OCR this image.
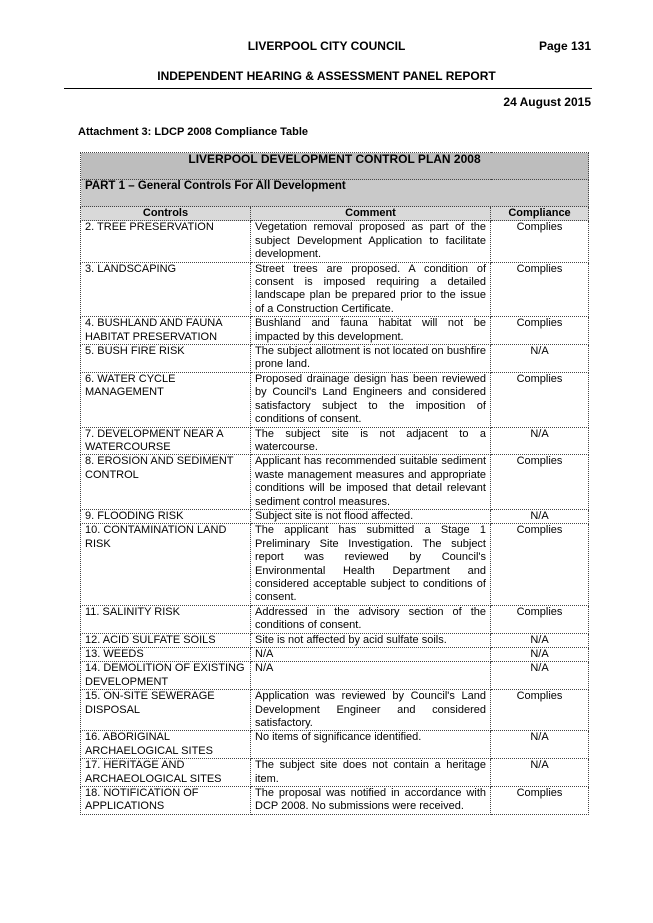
LIVERPOOL CITY COUNCIL	Page 131
INDEPENDENT HEARING & ASSESSMENT PANEL REPORT
24 August 2015
Attachment 3: LDCP 2008 Compliance Table
LIVERPOOL DEVELOPMENT CONTROL PLAN 2008		
PART 1 – General Controls For All Development		
Controls	Comment	Compliance
2. TREE PRESERVATION	Vegetation removal proposed as part of the subject Development Application to facilitate development.	Complies
3. LANDSCAPING	Street trees are proposed. A condition of consent is imposed requiring a detailed landscape plan be prepared prior to the issue of a Construction Certificate.	Complies
4. BUSHLAND AND FAUNA HABITAT PRESERVATION	Bushland and fauna habitat will not be impacted by this development.	Complies
5. BUSH FIRE RISK	The subject allotment is not located on bushfire prone land.	N/A
6. WATER CYCLE MANAGEMENT	Proposed drainage design has been reviewed by Council's Land Engineers and considered satisfactory subject to the imposition of conditions of consent.	Complies
7. DEVELOPMENT NEAR A WATERCOURSE	The subject site is not adjacent to a watercourse.	N/A
8. EROSION AND SEDIMENT CONTROL	Applicant has recommended suitable sediment waste management measures and appropriate conditions will be imposed that detail relevant sediment control measures.	Complies
9. FLOODING RISK	Subject site is not flood affected.	N/A
10. CONTAMINATION LAND RISK	The applicant has submitted a Stage 1 Preliminary Site Investigation. The subject report was reviewed by Council's Environmental Health Department and considered acceptable subject to conditions of consent.	Complies
11. SALINITY RISK	Addressed in the advisory section of the conditions of consent.	Complies
12. ACID SULFATE SOILS	Site is not affected by acid sulfate soils.	N/A
13. WEEDS	N/A	N/A
14. DEMOLITION OF EXISTING DEVELOPMENT	N/A	N/A
15. ON-SITE SEWERAGE DISPOSAL	Application was reviewed by Council's Land Development Engineer and considered satisfactory.	Complies
16. ABORIGINAL ARCHAELOGICAL SITES	No items of significance identified.	N/A
17. HERITAGE AND ARCHAEOLOGICAL SITES	The subject site does not contain a heritage item.	N/A
18. NOTIFICATION OF APPLICATIONS	The proposal was notified in accordance with DCP 2008. No submissions were received.	Complies
